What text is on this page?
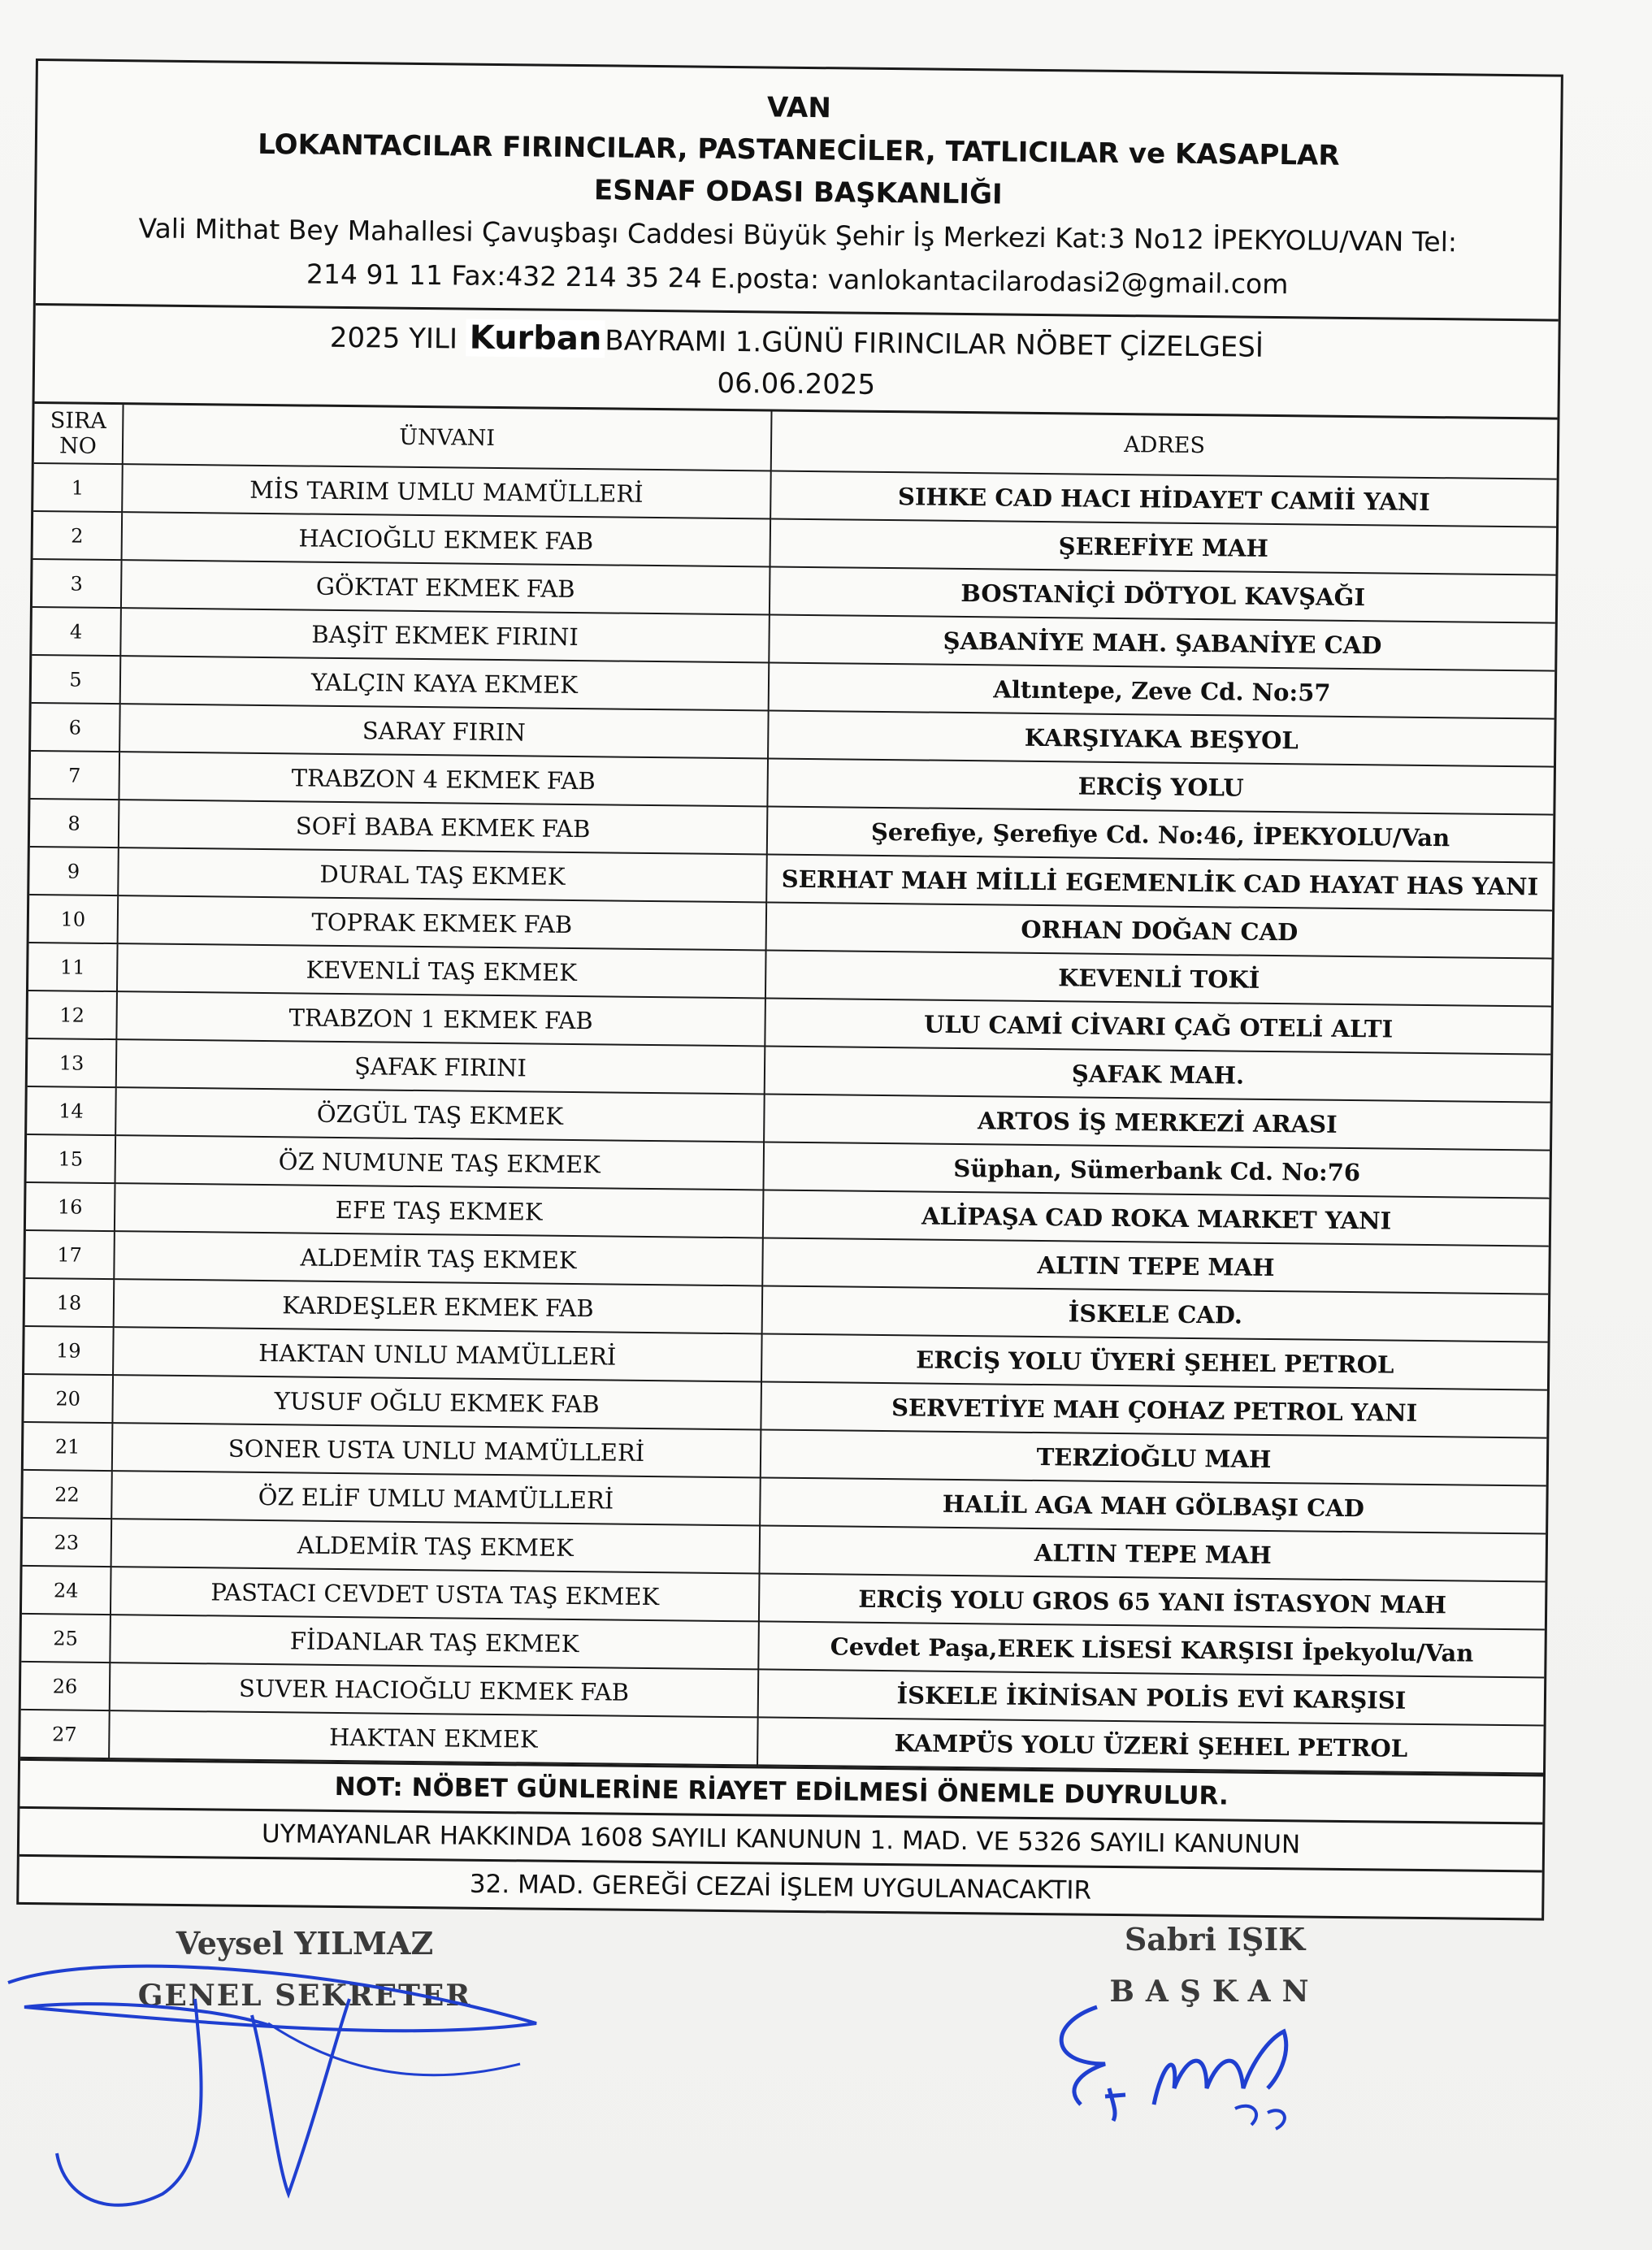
VAN
LOKANTACILAR FIRINCILAR, PASTANECİLER, TATLICILAR ve KASAPLAR
ESNAF ODASI BAŞKANLIĞI
Vali Mithat Bey Mahallesi Çavuşbaşı Caddesi Büyük Şehir İş Merkezi Kat:3 No12 İPEKYOLU/VAN Tel:
214 91 11 Fax:432 214 35 24 E.posta: vanlokantacilarodasi2@gmail.com
2025 YILI Kurban BAYRAMI 1.GÜNÜ FIRINCILAR NÖBET ÇİZELGESİ
06.06.2025
SIRA NO	ÜNVANI	ADRES
1	MİS TARIM UMLU MAMÜLLERİ	SIHKE CAD HACI HİDAYET CAMİİ YANI
2	HACIOĞLU EKMEK FAB	ŞEREFİYE MAH
3	GÖKTAT EKMEK FAB	BOSTANİÇİ DÖTYOL KAVŞAĞI
4	BAŞİT EKMEK FIRINI	ŞABANİYE MAH. ŞABANİYE CAD
5	YALÇIN KAYA EKMEK	Altıntepe, Zeve Cd. No:57
6	SARAY FIRIN	KARŞIYAKA BEŞYOL
7	TRABZON 4 EKMEK FAB	ERCİŞ YOLU
8	SOFİ BABA EKMEK FAB	Şerefiye, Şerefiye Cd. No:46, İPEKYOLU/Van
9	DURAL TAŞ EKMEK	SERHAT MAH MİLLİ EGEMENLİK CAD HAYAT HAS YANI
10	TOPRAK EKMEK FAB	ORHAN DOĞAN CAD
11	KEVENLİ TAŞ EKMEK	KEVENLİ TOKİ
12	TRABZON 1 EKMEK FAB	ULU CAMİ CİVARI ÇAĞ OTELİ ALTI
13	ŞAFAK FIRINI	ŞAFAK MAH.
14	ÖZGÜL TAŞ EKMEK	ARTOS İŞ MERKEZİ ARASI
15	ÖZ NUMUNE TAŞ EKMEK	Süphan, Sümerbank Cd. No:76
16	EFE TAŞ EKMEK	ALİPAŞA CAD ROKA MARKET YANI
17	ALDEMİR TAŞ EKMEK	ALTIN TEPE MAH
18	KARDEŞLER EKMEK FAB	İSKELE CAD.
19	HAKTAN UNLU MAMÜLLERİ	ERCİŞ YOLU ÜYERİ ŞEHEL PETROL
20	YUSUF OĞLU EKMEK FAB	SERVETİYE MAH ÇOHAZ PETROL YANI
21	SONER USTA UNLU MAMÜLLERİ	TERZİOĞLU MAH
22	ÖZ ELİF UMLU MAMÜLLERİ	HALİL AGA MAH GÖLBAŞI CAD
23	ALDEMİR TAŞ EKMEK	ALTIN TEPE MAH
24	PASTACI CEVDET USTA TAŞ EKMEK	ERCİŞ YOLU GROS 65 YANI İSTASYON MAH
25	FİDANLAR TAŞ EKMEK	Cevdet Paşa,EREK LİSESİ KARŞISI İpekyolu/Van
26	SUVER HACIOĞLU EKMEK FAB	İSKELE İKİNİSAN POLİS EVİ KARŞISI
27	HAKTAN EKMEK	KAMPÜS YOLU ÜZERİ ŞEHEL PETROL
NOT: NÖBET GÜNLERİNE RİAYET EDİLMESİ ÖNEMLE DUYRULUR.
UYMAYANLAR HAKKINDA 1608 SAYILI KANUNUN 1. MAD. VE 5326 SAYILI KANUNUN
32. MAD. GEREĞİ CEZAİ İŞLEM UYGULANACAKTIR
Veysel YILMAZ
GENEL SEKRETER
Sabri IŞIK
BAŞKAN
